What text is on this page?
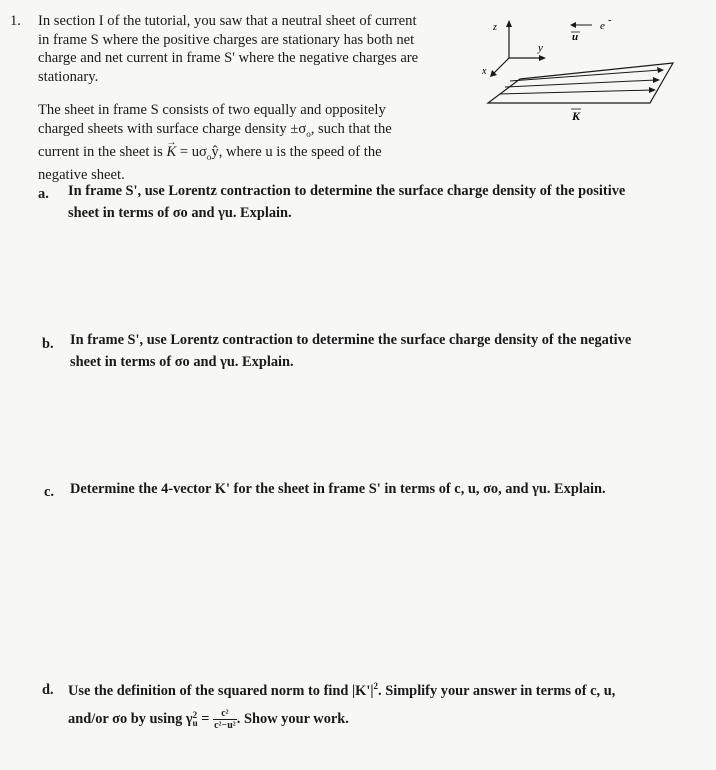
1. In section I of the tutorial, you saw that a neutral sheet of current
in frame S where the positive charges are stationary has both net
charge and net current in frame S' where the negative charges are
stationary.
The sheet in frame S consists of two equally and oppositely
charged sheets with surface charge density $\pm\sigma_o$, such that the
current in the sheet is → $K = u\sigma_oŷ$, where u is the speed of the
negative sheet.
z
y
x
e -
u
K
a. In frame S', use Lorentz contraction to determine the surface charge density of the positive
sheet in terms of σo and γu. Explain.
b. In frame S', use Lorentz contraction to determine the surface charge density of the negative
sheet in terms of σo and γu. Explain.
c. Determine the 4-vector K' for the sheet in frame S' in terms of c, u, σo, and γu. Explain.
d. Use the definition of the squared norm to find $|K'|^2$. Simplify your answer in terms of c, u,
and/or σo by using γ 2
$u = \frac{\text{c²}}{\text{c²−u²}}$ . Show your work.
